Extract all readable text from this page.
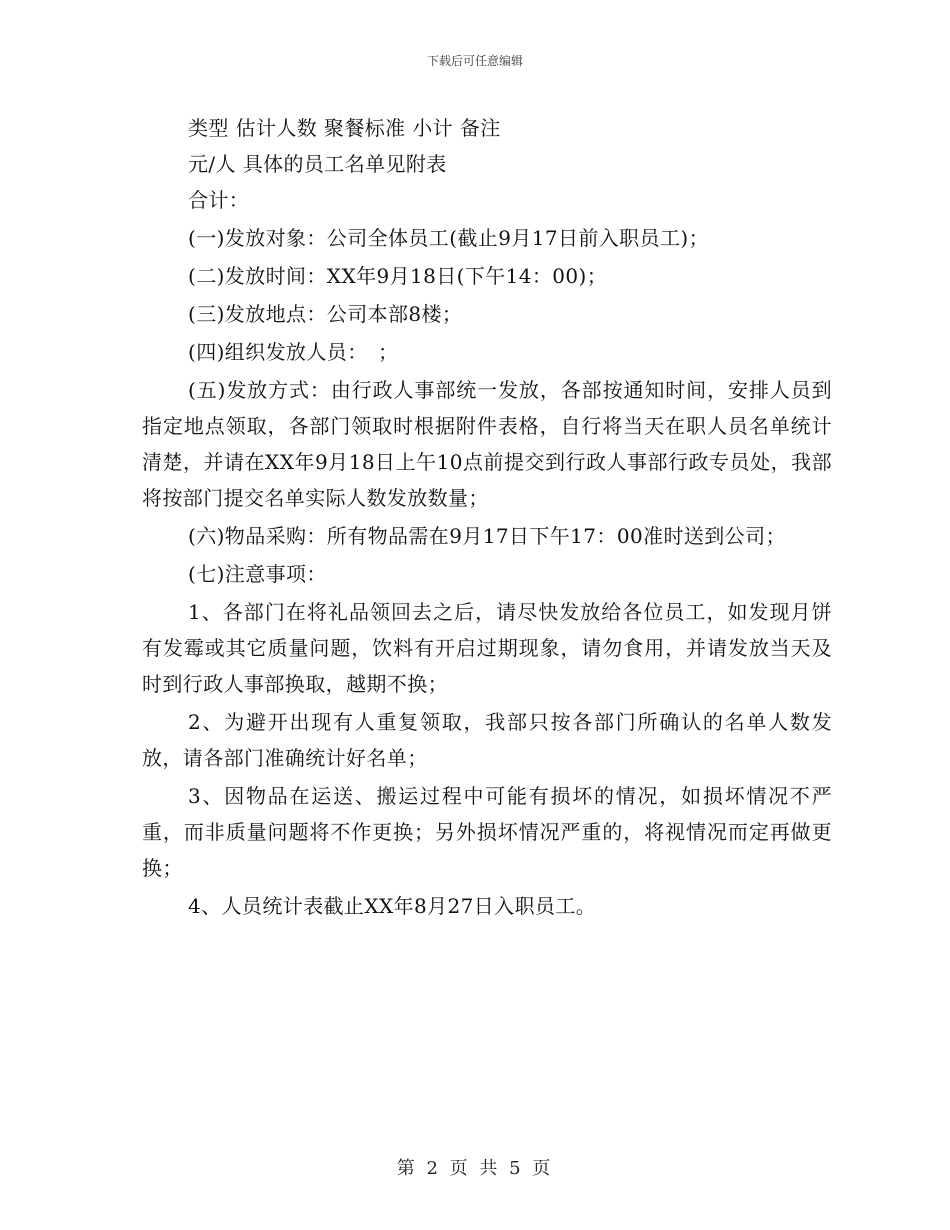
下载后可任意编辑
类型 估计人数 聚餐标准 小计 备注
元/人 具体的员工名单见附表
合计：
(一)发放对象：公司全体员工(截止9月17日前入职员工)；
(二)发放时间：XX年9月18日(下午14：00)；
(三)发放地点：公司本部8楼；
(四)组织发放人员：　；
(五)发放方式：由行政人事部统一发放，各部按通知时间，安排人员到指定地点领取，各部门领取时根据附件表格，自行将当天在职人员名单统计清楚，并请在XX年9月18日上午10点前提交到行政人事部行政专员处，我部将按部门提交名单实际人数发放数量；
(六)物品采购：所有物品需在9月17日下午17：00准时送到公司；
(七)注意事项：
1、各部门在将礼品领回去之后，请尽快发放给各位员工，如发现月饼有发霉或其它质量问题，饮料有开启过期现象，请勿食用，并请发放当天及时到行政人事部换取，越期不换；
2、为避开出现有人重复领取，我部只按各部门所确认的名单人数发放，请各部门准确统计好名单；
3、因物品在运送、搬运过程中可能有损坏的情况，如损坏情况不严重，而非质量问题将不作更换；另外损坏情况严重的，将视情况而定再做更换；
4、人员统计表截止XX年8月27日入职员工。
第 2 页 共 5 页
